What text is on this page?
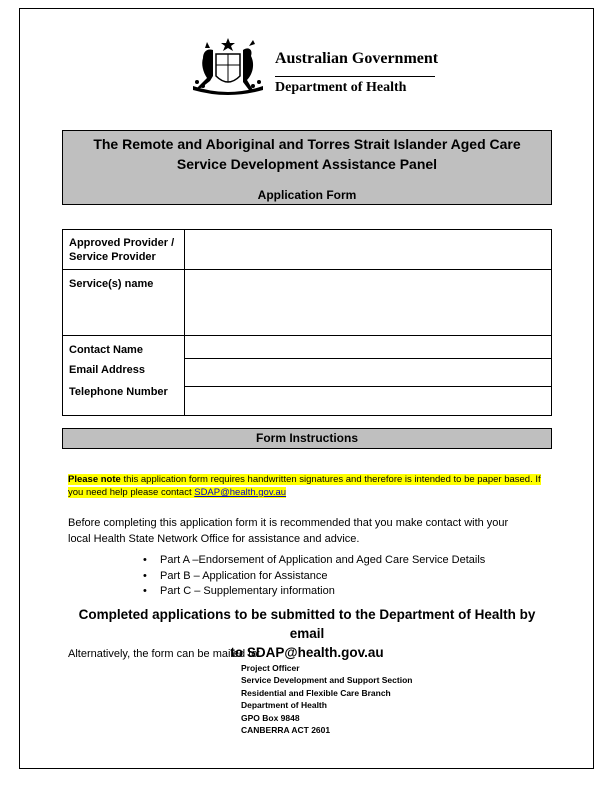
Australian Government
Department of Health
The Remote and Aboriginal and Torres Strait Islander Aged Care
Service Development Assistance Panel
Application Form
Approved Provider /
Service Provider
Service(s) name
Contact Name
Email Address
Telephone Number
Form Instructions
Please note this application form requires handwritten signatures and therefore is intended to be paper based. If you need help please contact SDAP@health.gov.au
Before completing this application form it is recommended that you make contact with your
local Health State Network Office for assistance and advice.
• Part A –Endorsement of Application and Aged Care Service Details
• Part B – Application for Assistance
• Part C – Supplementary information
Completed applications to be submitted to the Department of Health by email
to SDAP@health.gov.au
Alternatively, the form can be mailed to:
Project Officer
Service Development and Support Section
Residential and Flexible Care Branch
Department of Health
GPO Box 9848
CANBERRA ACT 2601
